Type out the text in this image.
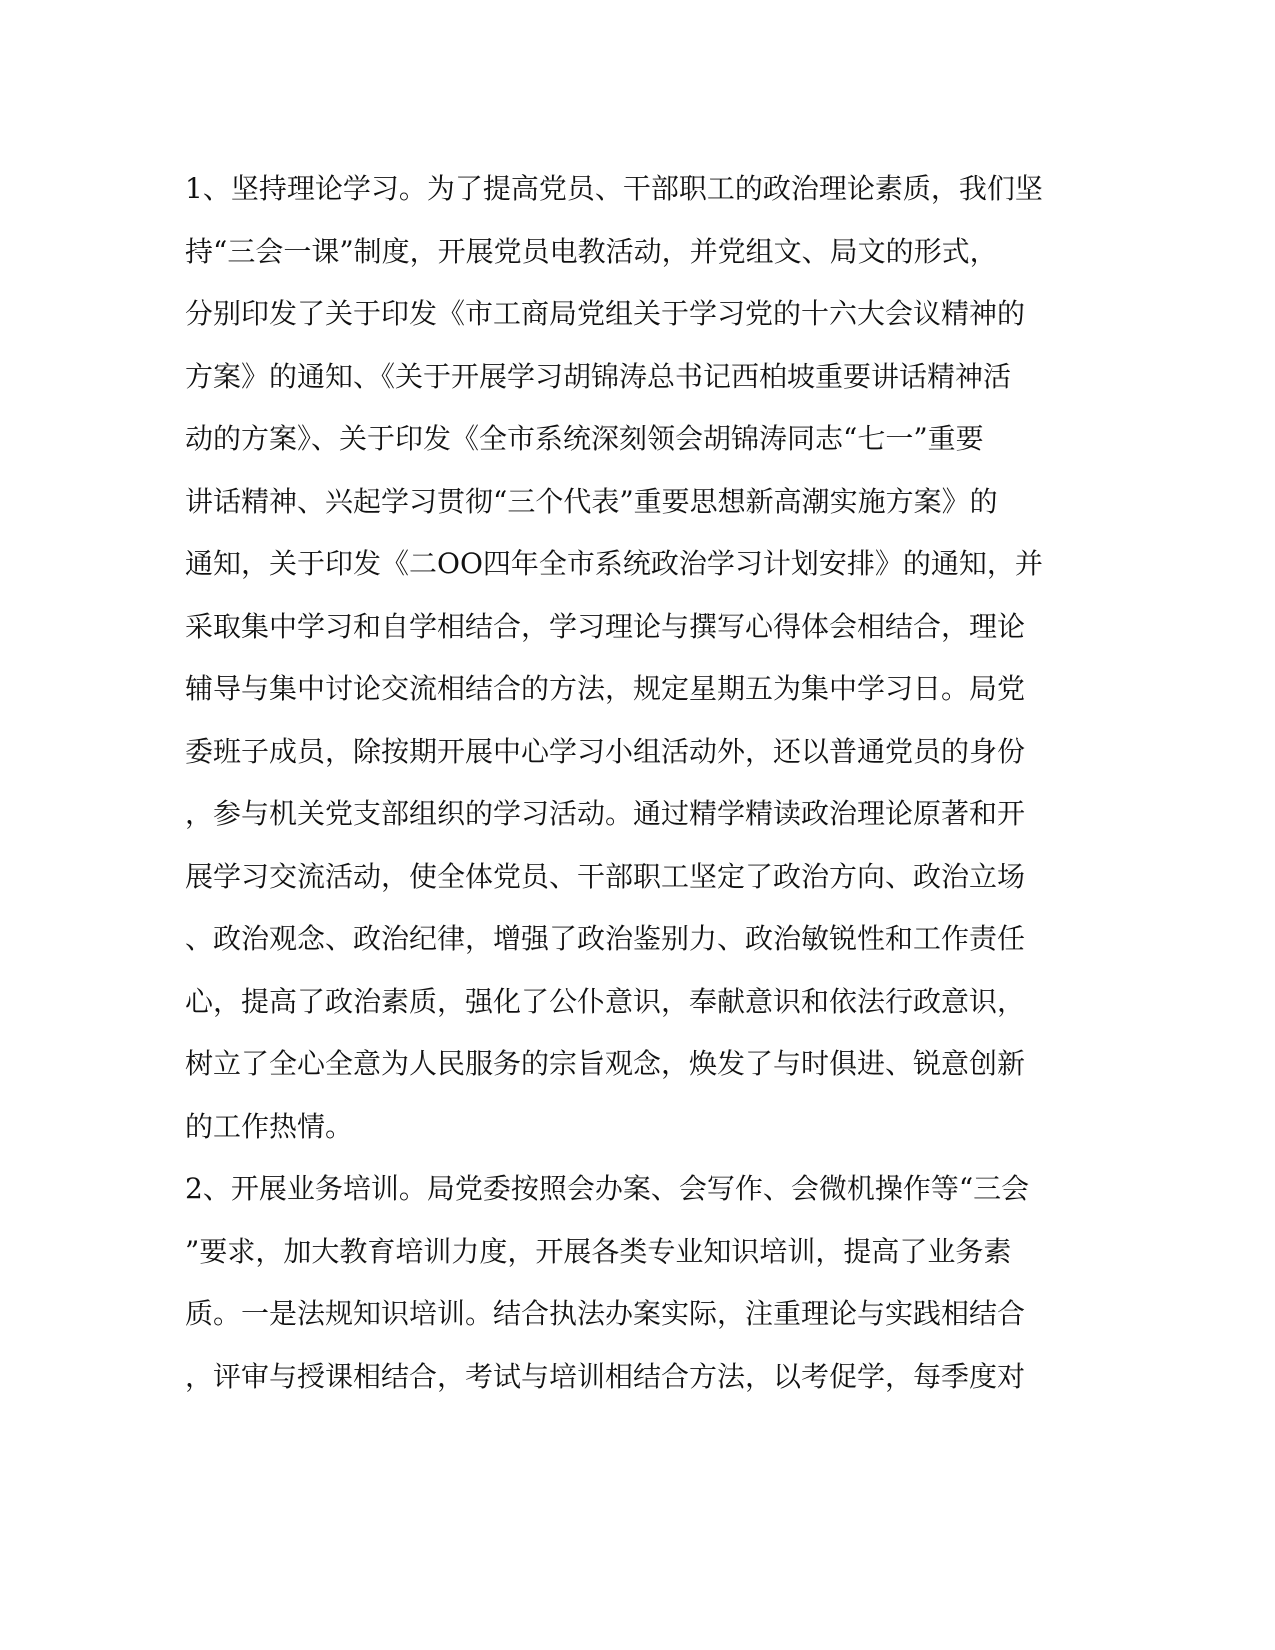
1、坚持理论学习。为了提高党员、干部职工的政治理论素质，我们坚
持“三会一课”制度，开展党员电教活动，并党组文、局文的形式，
分别印发了关于印发《市工商局党组关于学习党的十六大会议精神的
方案》的通知、《关于开展学习胡锦涛总书记西柏坡重要讲话精神活
动的方案》、关于印发《全市系统深刻领会胡锦涛同志“七一”重要
讲话精神、兴起学习贯彻“三个代表”重要思想新高潮实施方案》的
通知，关于印发《二OO四年全市系统政治学习计划安排》的通知，并
采取集中学习和自学相结合，学习理论与撰写心得体会相结合，理论
辅导与集中讨论交流相结合的方法，规定星期五为集中学习日。局党
委班子成员，除按期开展中心学习小组活动外，还以普通党员的身份
，参与机关党支部组织的学习活动。通过精学精读政治理论原著和开
展学习交流活动，使全体党员、干部职工坚定了政治方向、政治立场
、政治观念、政治纪律，增强了政治鉴别力、政治敏锐性和工作责任
心，提高了政治素质，强化了公仆意识，奉献意识和依法行政意识，
树立了全心全意为人民服务的宗旨观念，焕发了与时俱进、锐意创新
的工作热情。
2、开展业务培训。局党委按照会办案、会写作、会微机操作等“三会
”要求，加大教育培训力度，开展各类专业知识培训，提高了业务素
质。一是法规知识培训。结合执法办案实际，注重理论与实践相结合
，评审与授课相结合，考试与培训相结合方法，以考促学，每季度对
